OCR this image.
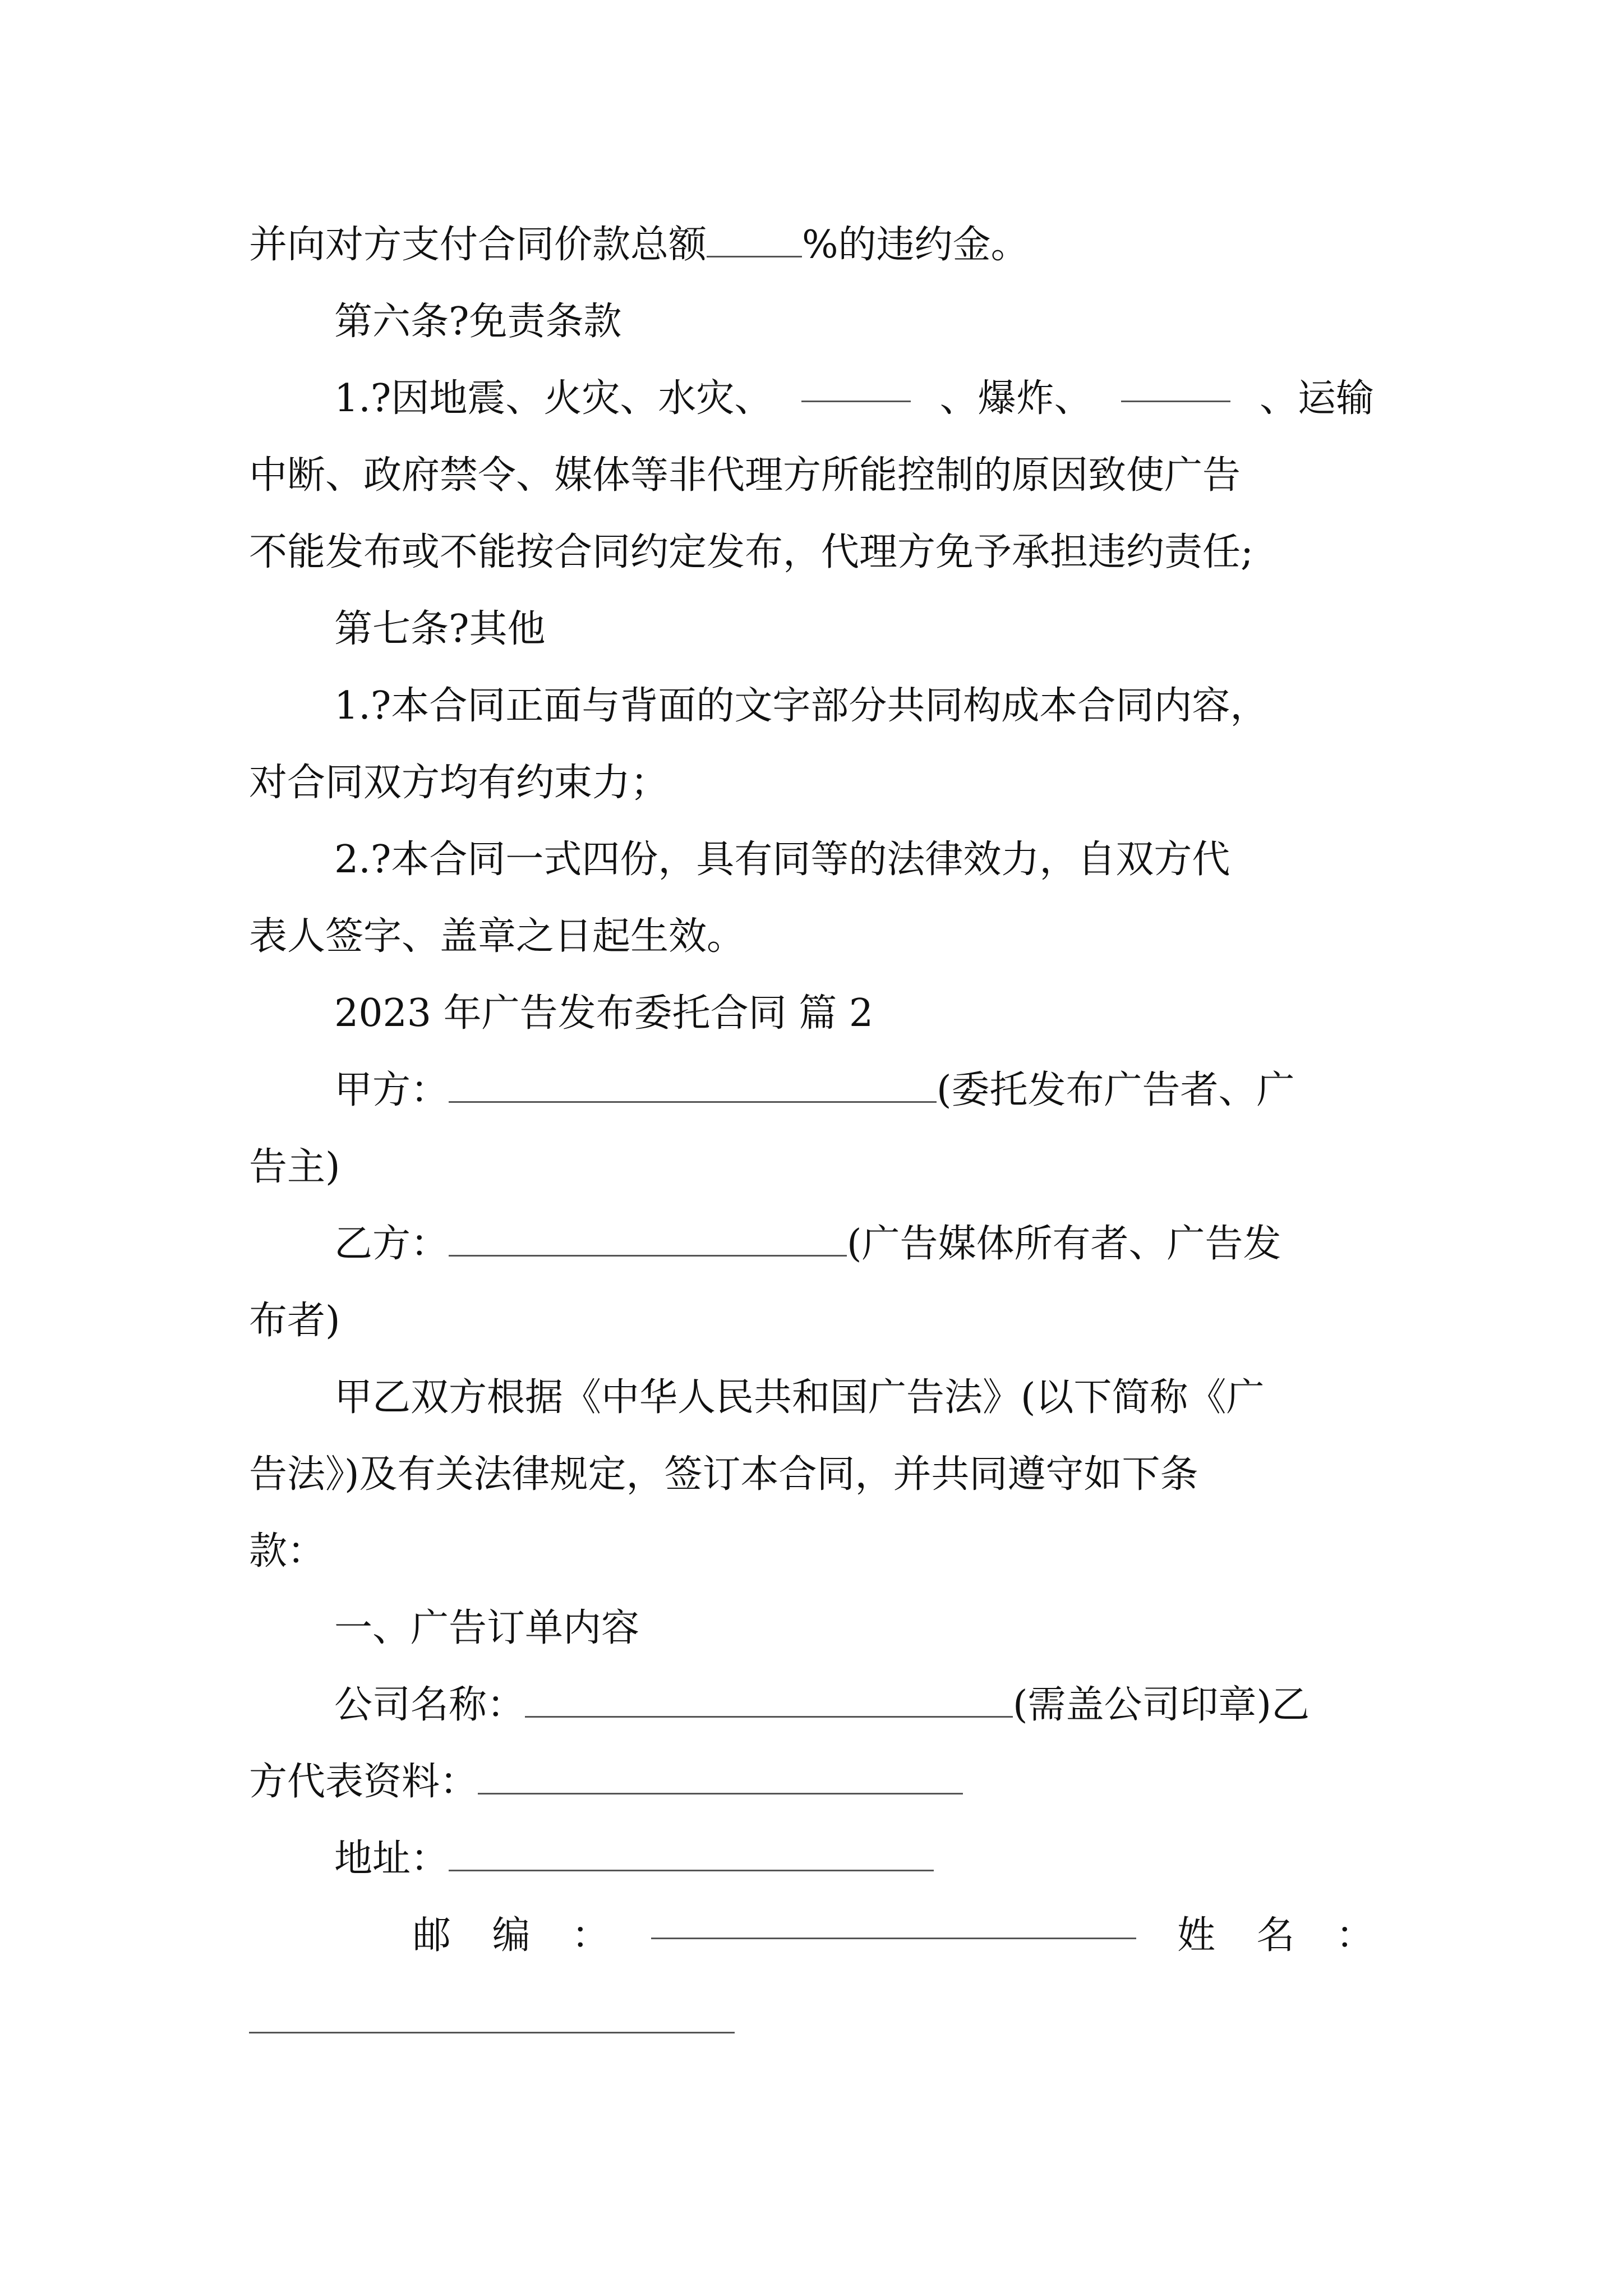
并向对方支付合同价款总额	%的违约金。
第六条?免责条款
1.?因地震、火灾、水灾、	、爆炸、	、运输
中断、政府禁令、媒体等非代理方所能控制的原因致使广告
不能发布或不能按合同约定发布，代理方免予承担违约责任;
第七条?其他
1.?本合同正面与背面的文字部分共同构成本合同内容，
对合同双方均有约束力；
2.?本合同一式四份，具有同等的法律效力，自双方代
表人签字、盖章之日起生效。
2023 年广告发布委托合同 篇 2
甲方：	(委托发布广告者、广
告主)
乙方：	(广告媒体所有者、广告发
布者)
甲乙双方根据《中华人民共和国广告法》(以下简称《广
告法》)及有关法律规定，签订本合同，并共同遵守如下条
款：
一、广告订单内容
公司名称：	(需盖公司印章)乙
方代表资料：
地址：
邮 编 ：	姓 名 ：
